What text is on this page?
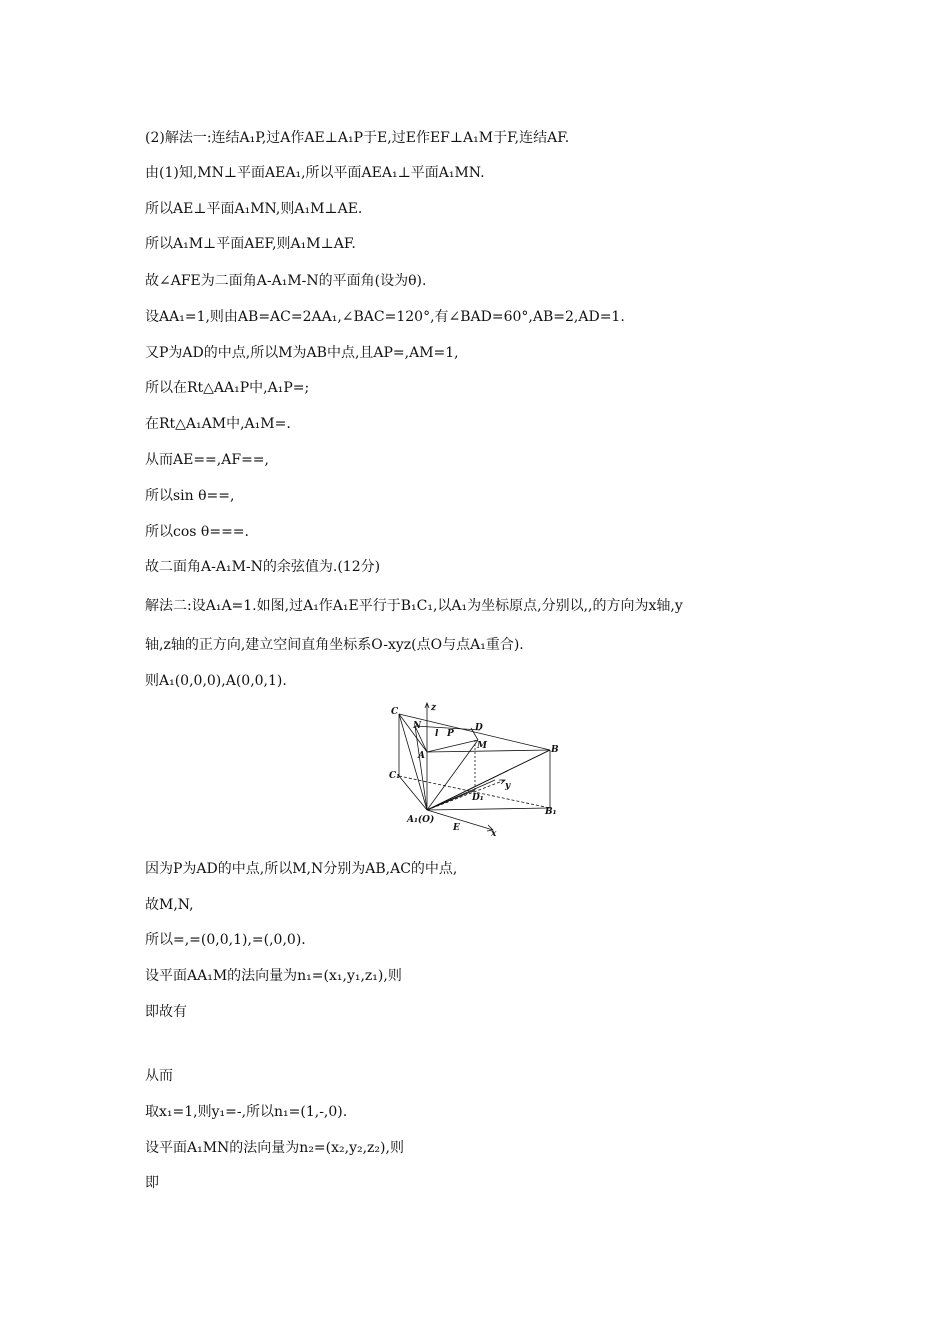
(2)解法一:连结A₁P,过A作AE⊥A₁P于E,过E作EF⊥A₁M于F,连结AF.
由(1)知,MN⊥平面AEA₁,所以平面AEA₁⊥平面A₁MN.
所以AE⊥平面A₁MN,则A₁M⊥AE.
所以A₁M⊥平面AEF,则A₁M⊥AF.
故∠AFE为二面角A-A₁M-N的平面角(设为θ).
设AA₁=1,则由AB=AC=2AA₁,∠BAC=120°,有∠BAD=60°,AB=2,AD=1.
又P为AD的中点,所以M为AB中点,且AP=,AM=1,
所以在Rt△AA₁P中,A₁P=;
在Rt△A₁AM中,A₁M=.
从而AE==,AF==,
所以sin θ==,
所以cos θ===.
故二面角A-A₁M-N的余弦值为.(12分)
解法二:设A₁A=1.如图,过A₁作A₁E平行于B₁C₁,以A₁为坐标原点,分别以,,的方向为x轴,y
轴,z轴的正方向,建立空间直角坐标系O-xyz(点O与点A₁重合).
则A₁(0,0,0),A(0,0,1).
C
N	D
l P
M
A
B
C₁
y
D₁
B₁
A₁(O)
E
x
z
因为P为AD的中点,所以M,N分别为AB,AC的中点,
故M,N,
所以=,=(0,0,1),=(,0,0).
设平面AA₁M的法向量为n₁=(x₁,y₁,z₁),则
即故有
从而
取x₁=1,则y₁=-,所以n₁=(1,-,0).
设平面A₁MN的法向量为n₂=(x₂,y₂,z₂),则
即
